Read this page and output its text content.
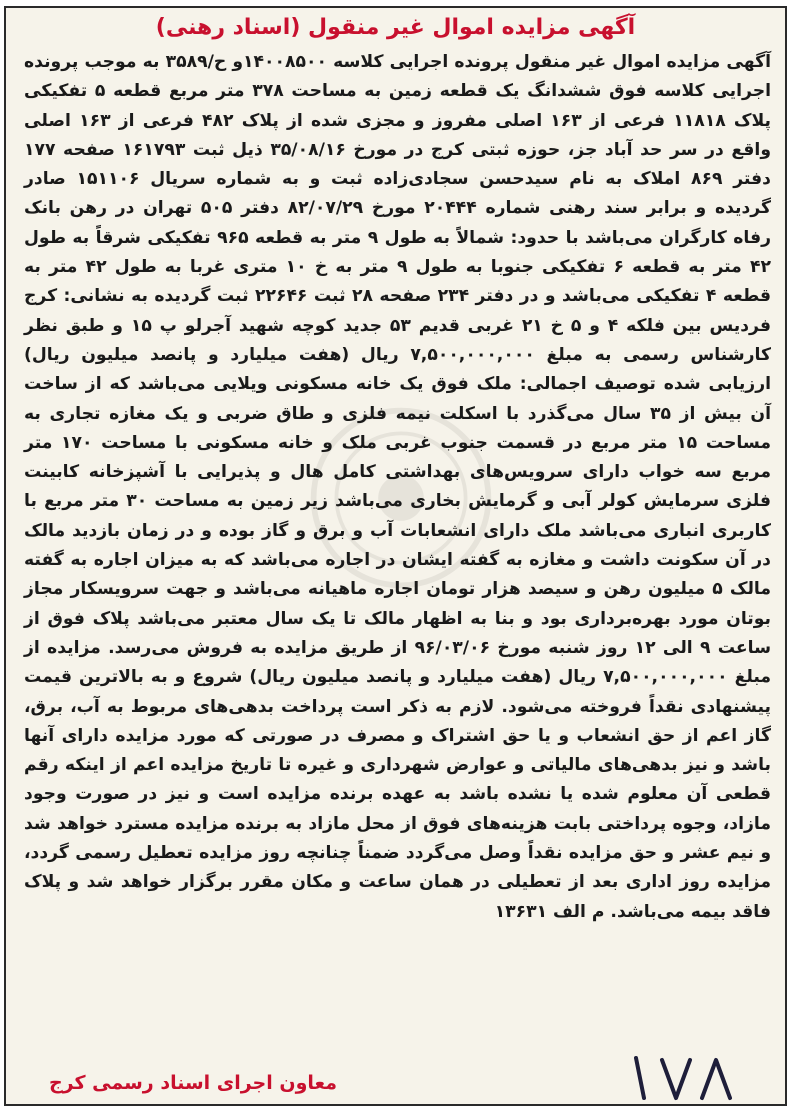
آگهی مزایده اموال غیر منقول (اسناد رهنی)

آگهی مزایده اموال غیر منقول پرونده اجرایی کلاسه ۱۴۰۰۸۵۰۰و ح/۳۵۸۹ به موجب پرونده اجرایی کلاسه فوق ششدانگ یک قطعه زمین به مساحت ۳۷۸ متر مربع قطعه ۵ تفکیکی پلاک ۱۱۸۱۸ فرعی از ۱۶۳ اصلی مفروز و مجزی شده از پلاک ۴۸۲ فرعی از ۱۶۳ اصلی واقع در سر حد آباد جز، حوزه ثبتی کرج در مورخ ۳۵/۰۸/۱۶ ذیل ثبت ۱۶۱۷۹۳ صفحه ۱۷۷ دفتر ۸۶۹ املاک به نام سیدحسن سجادی‌زاده ثبت و به شماره سریال ۱۵۱۱۰۶ صادر گردیده و برابر سند رهنی شماره ۲۰۴۴۴ مورخ ۸۲/۰۷/۲۹ دفتر ۵۰۵ تهران در رهن بانک رفاه کارگران می‌باشد با حدود: شمالاً به طول ۹ متر به قطعه ۹۶۵ تفکیکی شرقاً به طول ۴۲ متر به قطعه ۶ تفکیکی جنوبا به طول ۹ متر به خ ۱۰ متری غربا به طول ۴۲ متر به قطعه ۴ تفکیکی می‌باشد و در دفتر ۲۳۴ صفحه ۲۸ ثبت ۲۲۶۴۶ ثبت گردیده به نشانی: کرج فردیس بین فلکه ۴ و ۵ خ ۲۱ غربی قدیم ۵۳ جدید کوچه شهید آجرلو پ ۱۵ و طبق نظر کارشناس رسمی به مبلغ ۷,۵۰۰,۰۰۰,۰۰۰ ریال (هفت میلیارد و پانصد میلیون ریال) ارزیابی شده توصیف اجمالی: ملک فوق یک خانه مسکونی ویلایی می‌باشد که از ساخت آن بیش از ۳۵ سال می‌گذرد با اسکلت نیمه فلزی و طاق ضربی و یک مغازه تجاری به مساحت ۱۵ متر مربع در قسمت جنوب غربی ملک و خانه مسکونی با مساحت ۱۷۰ متر مربع سه خواب دارای سرویس‌های بهداشتی کامل هال و پذیرایی با آشپزخانه کابینت فلزی سرمایش کولر آبی و گرمایش بخاری می‌باشد زیر زمین به مساحت ۳۰ متر مربع با کاربری انباری می‌باشد ملک دارای انشعابات آب و برق و گاز بوده و در زمان بازدید مالک در آن سکونت داشت و مغازه به گفته ایشان در اجاره می‌باشد که به میزان اجاره به گفته مالک ۵ میلیون رهن و سیصد هزار تومان اجاره ماهیانه می‌باشد و جهت سرویسکار مجاز بوتان مورد بهره‌برداری بود و بنا به اظهار مالک تا یک سال معتبر می‌باشد پلاک فوق از ساعت ۹ الی ۱۲ روز شنبه مورخ ۹۶/۰۳/۰۶ از طریق مزایده به فروش می‌رسد. مزایده از مبلغ ۷,۵۰۰,۰۰۰,۰۰۰ ریال (هفت میلیارد و پانصد میلیون ریال) شروع و به بالاترین قیمت پیشنهادی نقداً فروخته می‌شود. لازم به ذکر است پرداخت بدهی‌های مربوط به آب، برق، گاز اعم از حق انشعاب و یا حق اشتراک و مصرف در صورتی که مورد مزایده دارای آنها باشد و نیز بدهی‌های مالیاتی و عوارض شهرداری و غیره تا تاریخ مزایده اعم از اینکه رقم قطعی آن معلوم شده یا نشده باشد به عهده برنده مزایده است و نیز در صورت وجود مازاد، وجوه پرداختی بابت هزینه‌های فوق از محل مازاد به برنده مزایده مسترد خواهد شد و نیم عشر و حق مزایده نقداً وصل می‌گردد ضمناً چنانچه روز مزایده تعطیل رسمی گردد، مزایده روز اداری بعد از تعطیلی در همان ساعت و مکان مقرر برگزار خواهد شد و پلاک فاقد بیمه می‌باشد. م الف ۱۳۶۳۱

معاون اجرای اسناد رسمی کرج
